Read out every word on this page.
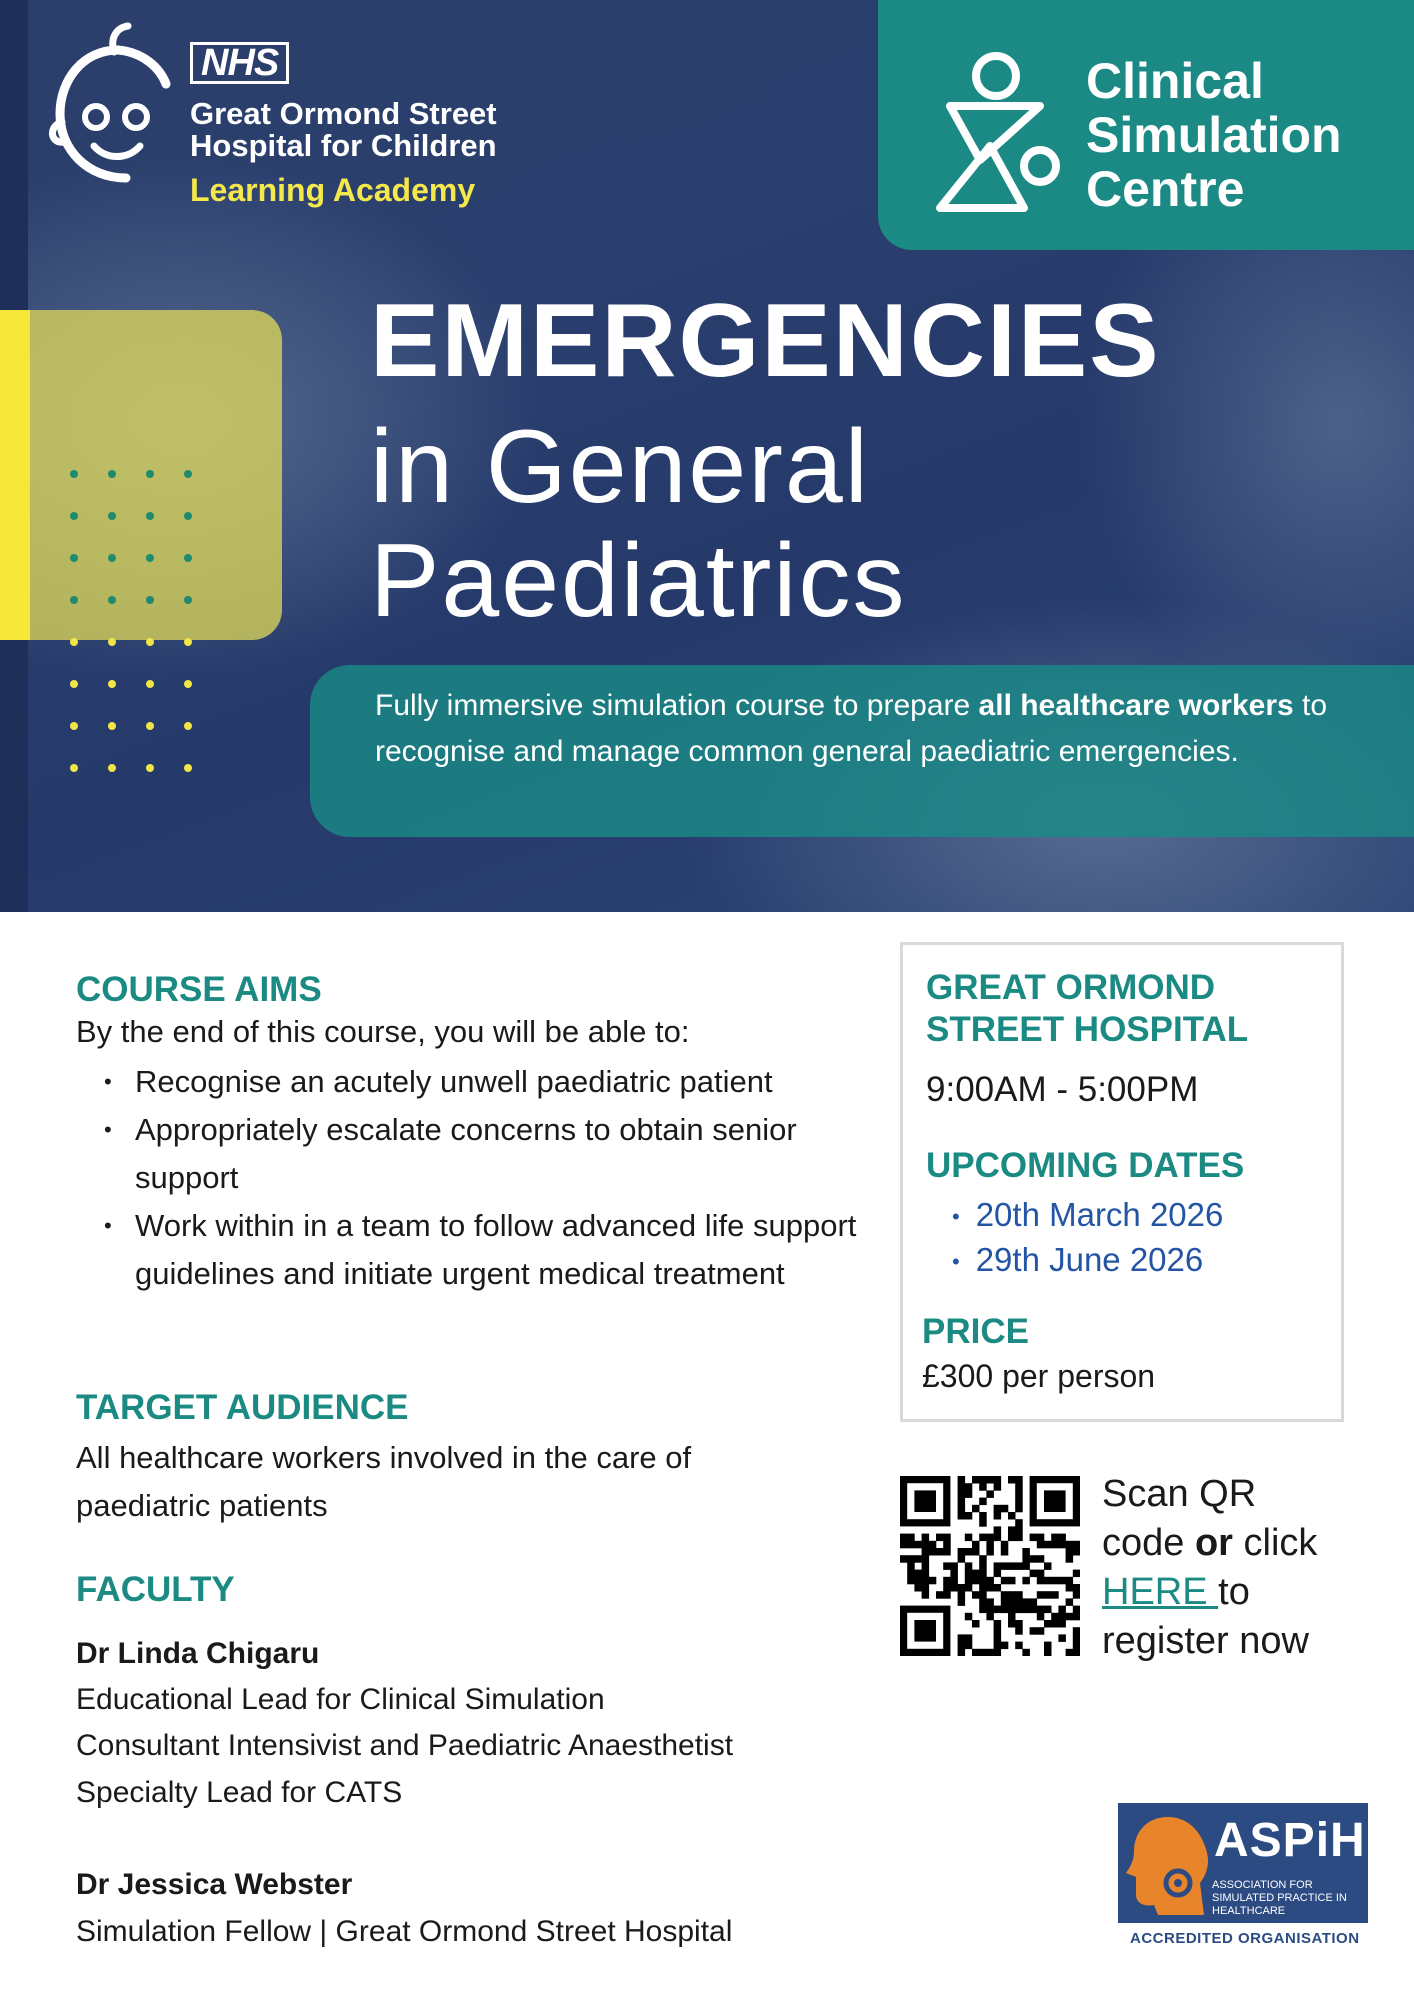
NHS
Great Ormond Street
Hospital for Children
Learning Academy
Clinical
Simulation
Centre
EMERGENCIES
in General
Paediatrics
Fully immersive simulation course to prepare all healthcare workers to recognise and manage common general paediatric emergencies.
COURSE AIMS
By the end of this course, you will be able to:
• Recognise an acutely unwell paediatric patient
• Appropriately escalate concerns to obtain senior support
• Work within in a team to follow advanced life support guidelines and initiate urgent medical treatment
TARGET AUDIENCE
All healthcare workers involved in the care of paediatric patients
FACULTY
Dr Linda Chigaru
Educational Lead for Clinical Simulation
Consultant Intensivist and Paediatric Anaesthetist
Specialty Lead for CATS
Dr Jessica Webster
Simulation Fellow | Great Ormond Street Hospital
GREAT ORMOND
STREET HOSPITAL
9:00AM - 5:00PM
UPCOMING DATES
• 20th March 2026
• 29th June 2026
PRICE
£300 per person
Scan QR
code or click
HERE to
register now
ASPiH
ASSOCIATION FOR SIMULATED PRACTICE IN HEALTHCARE
ACCREDITED ORGANISATION
